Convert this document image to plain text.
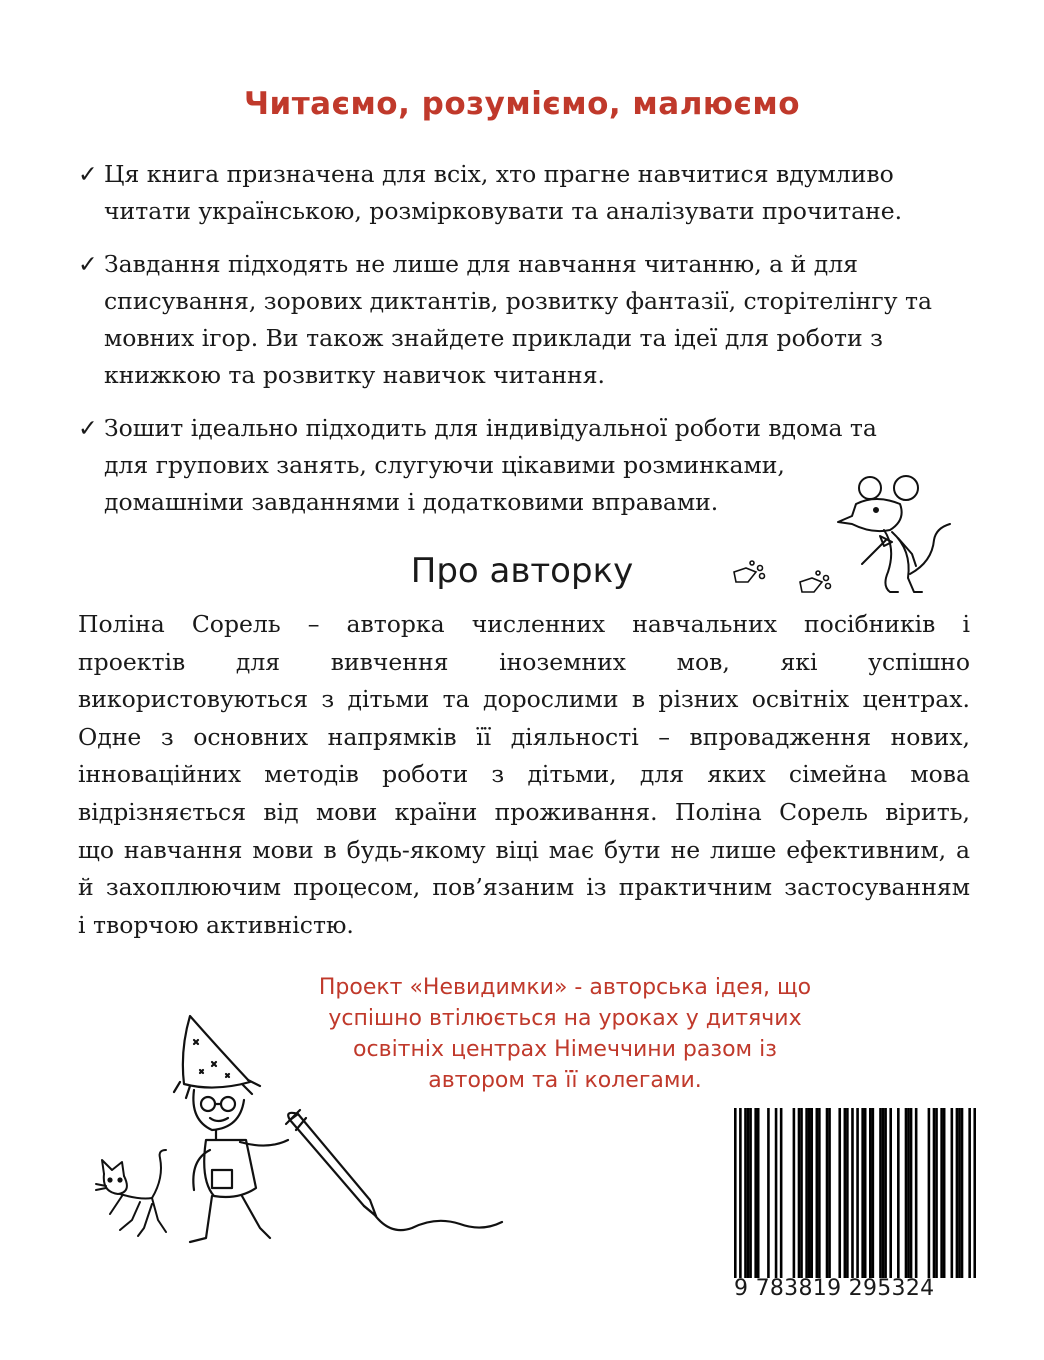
Читаємо, розуміємо, малюємо
✓ Ця книга призначена для всіх, хто прагне навчитися вдумливо
читати українською, розмірковувати та аналізувати прочитане.
✓ Завдання підходять не лише для навчання читанню, а й для
списування, зорових диктантів, розвитку фантазії, сторітелінгу та
мовних ігор. Ви також знайдете приклади та ідеї для роботи з
книжкою та розвитку навичок читання.
✓ Зошит ідеально підходить для індивідуальної роботи вдома та
для групових занять, слугуючи цікавими розминками,
домашніми завданнями і додатковими вправами.
Про авторку

Поліна Сорель – авторка численних навчальних посібників і
проектів для вивчення іноземних мов, які успішно
використовуються з дітьми та дорослими в різних освітніх центрах.
Одне з основних напрямків її діяльності – впровадження нових,
інноваційних методів роботи з дітьми, для яких сімейна мова
відрізняється від мови країни проживання. Поліна Сорель вірить,
що навчання мови в будь-якому віці має бути не лише ефективним, а
й захоплюючим процесом, пов’язаним із практичним застосуванням
і творчою активністю.

Проект «Невидимки» - авторська ідея, що
успішно втілюється на уроках у дитячих
освітніх центрах Німеччини разом із
автором та її колегами.

9 783819 295324
